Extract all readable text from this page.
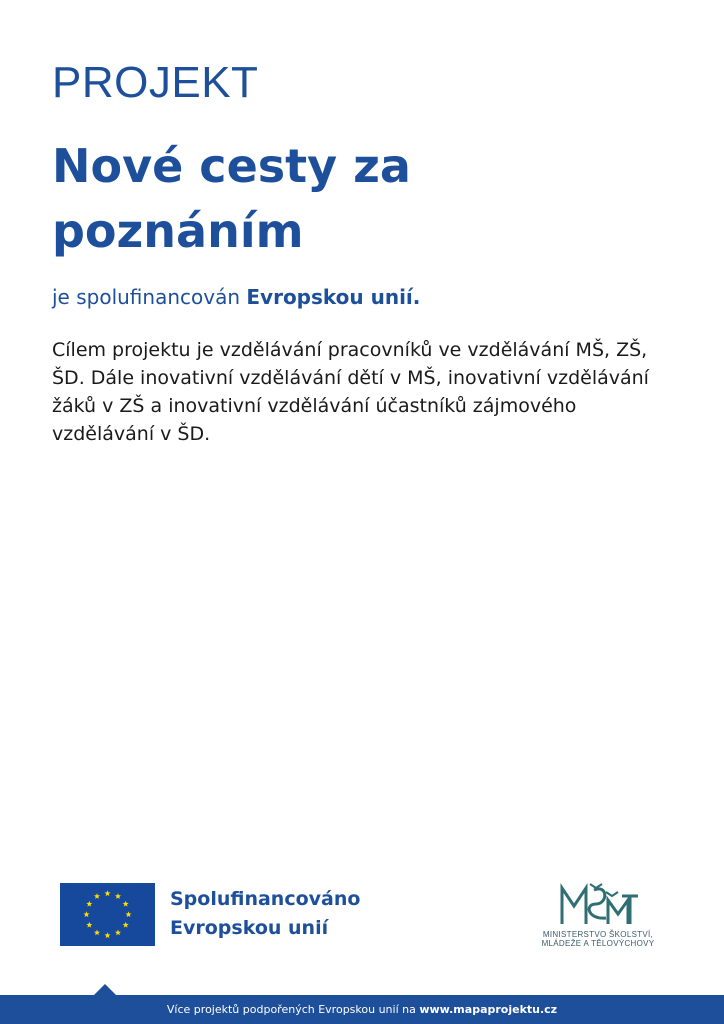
PROJEKT
Nové cesty za
poznáním
je spolufinancován Evropskou unií.
Cílem projektu je vzdělávání pracovníků ve vzdělávání MŠ, ZŠ, ŠD. Dále inovativní vzdělávání dětí v MŠ, inovativní vzdělávání žáků v ZŠ a inovativní vzdělávání účastníků zájmového vzdělávání v ŠD.
Spolufinancováno
Evropskou unií	MINISTERSTVO ŠKOLSTVÍ,
MLÁDEŽE A TĚLOVÝCHOVY
Více projektů podpořených Evropskou unií na www.mapaprojektu.cz
